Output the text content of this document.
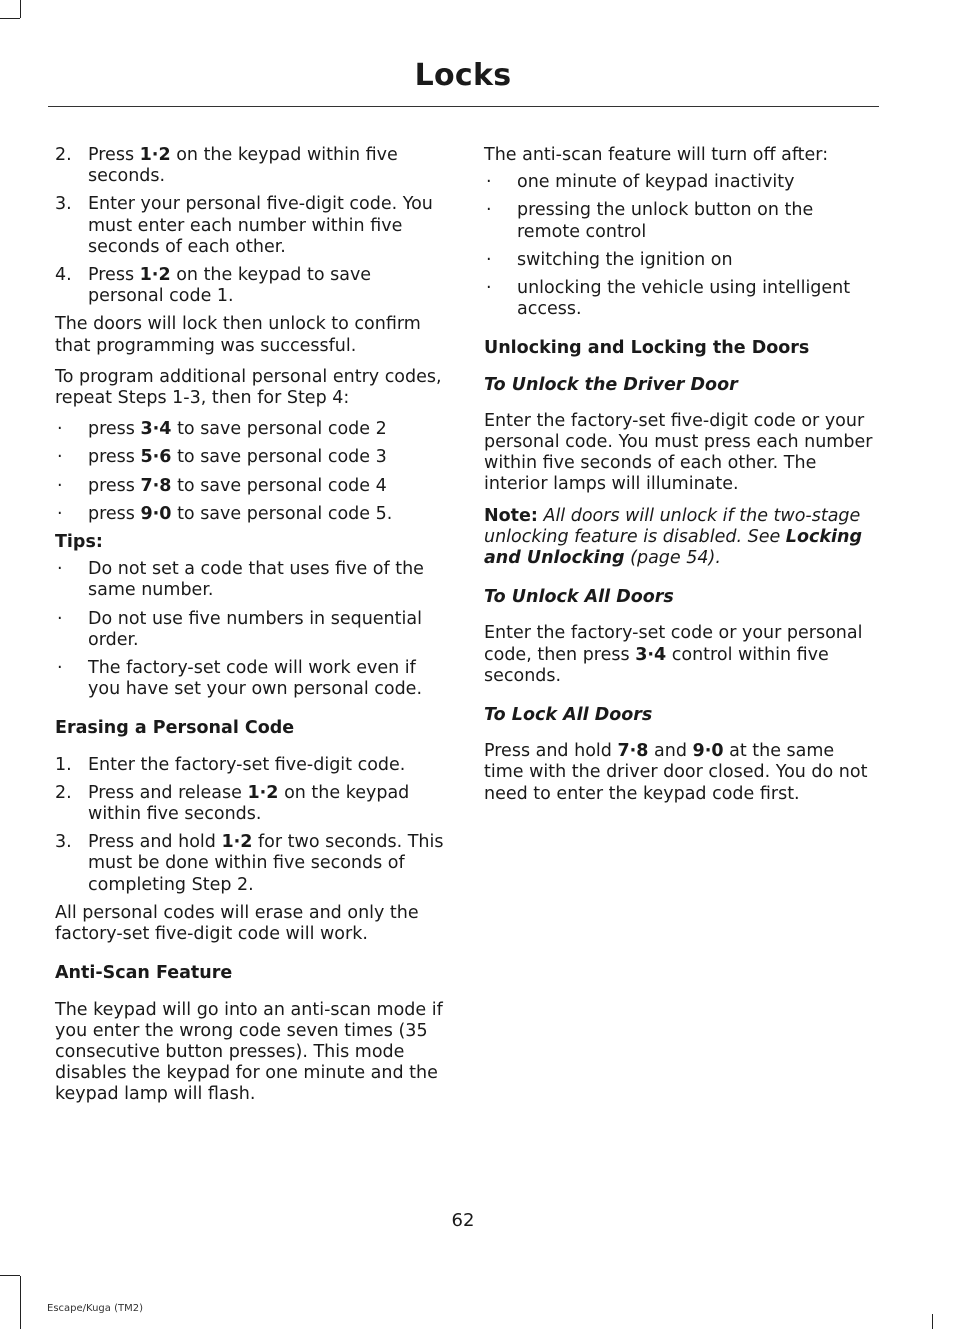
Locks
2. Press 1·2 on the keypad within five seconds.
3. Enter your personal five-digit code. You must enter each number within five seconds of each other.
4. Press 1·2 on the keypad to save personal code 1.

The doors will lock then unlock to confirm that programming was successful.

To program additional personal entry codes, repeat Steps 1-3, then for Step 4:

· press 3·4 to save personal code 2
· press 5·6 to save personal code 3
· press 7·8 to save personal code 4
· press 9·0 to save personal code 5.
Tips:
· Do not set a code that uses five of the same number.
· Do not use five numbers in sequential order.
· The factory-set code will work even if you have set your own personal code.
Erasing a Personal Code
1. Enter the factory-set five-digit code.
2. Press and release 1·2 on the keypad within five seconds.
3. Press and hold 1·2 for two seconds. This must be done within five seconds of completing Step 2.

All personal codes will erase and only the factory-set five-digit code will work.

Anti-Scan Feature

The keypad will go into an anti-scan mode if you enter the wrong code seven times (35 consecutive button presses). This mode disables the keypad for one minute and the keypad lamp will flash.

The anti-scan feature will turn off after:

· one minute of keypad inactivity
· pressing the unlock button on the remote control
· switching the ignition on
· unlocking the vehicle using intelligent access.
Unlocking and Locking the Doors
To Unlock the Driver Door

Enter the factory-set five-digit code or your personal code. You must press each number within five seconds of each other. The interior lamps will illuminate.

Note: All doors will unlock if the two-stage unlocking feature is disabled. See Locking and Unlocking (page 54).

To Unlock All Doors

Enter the factory-set code or your personal code, then press 3·4 control within five seconds.

To Lock All Doors

Press and hold 7·8 and 9·0 at the same time with the driver door closed. You do not need to enter the keypad code first.

62
Escape/Kuga (TM2)
